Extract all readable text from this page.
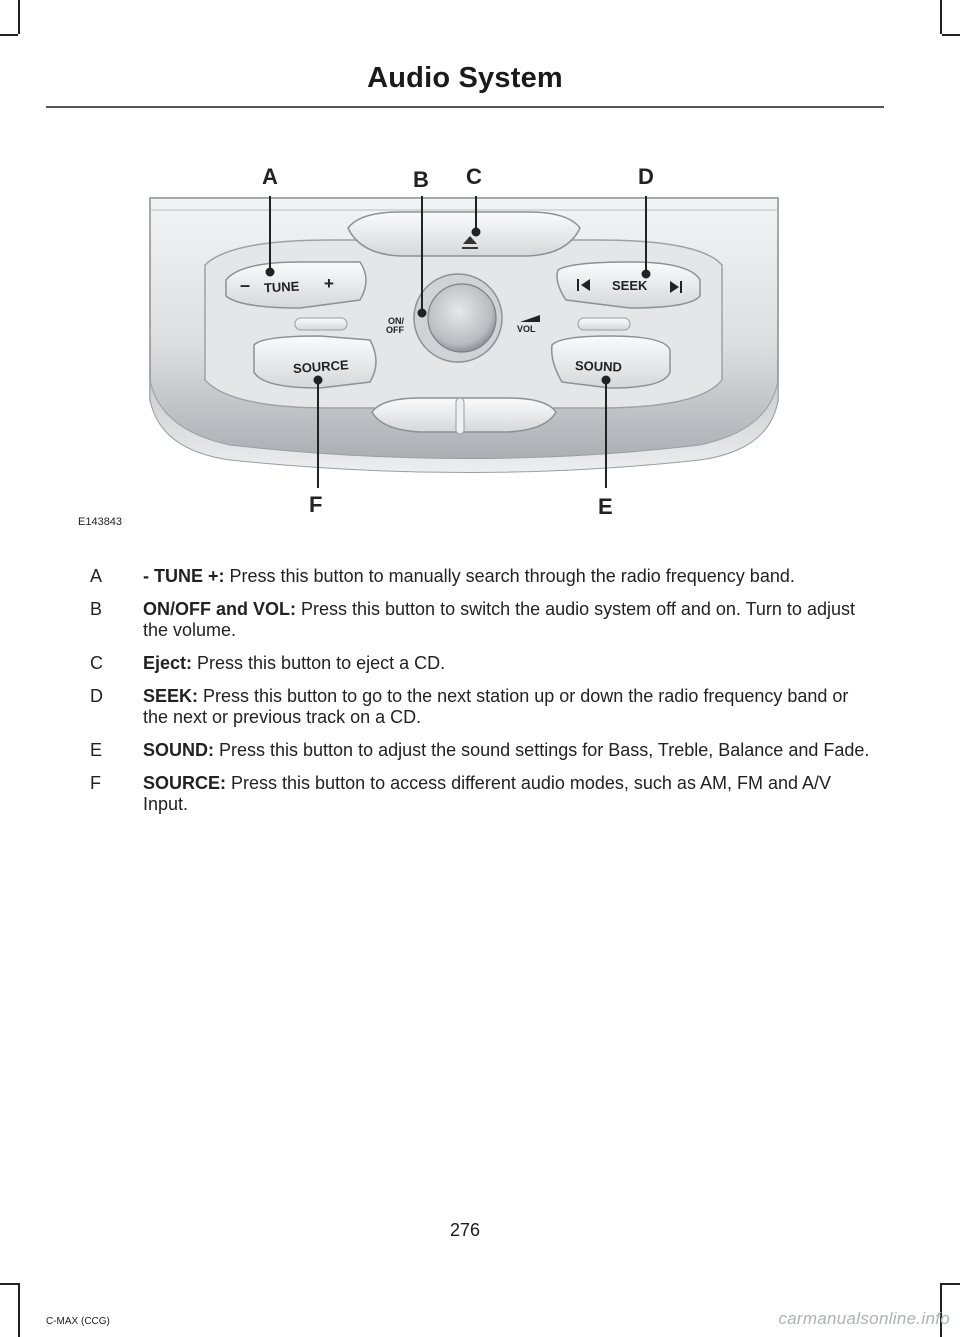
Audio System
– TUNE +
SOURCE
SEEK
SOUND
ON/ OFF	VOL
A	B C	D
E
F
E143843
A - TUNE +: Press this button to manually search through the radio frequency band.
B ON/OFF and VOL: Press this button to switch the audio system off and on. Turn to adjust the volume.
C Eject: Press this button to eject a CD.
D SEEK: Press this button to go to the next station up or down the radio frequency band or the next or previous track on a CD.
E SOUND: Press this button to adjust the sound settings for Bass, Treble, Balance and Fade.
F SOURCE: Press this button to access different audio modes, such as AM, FM and A/V Input.
276
C-MAX (CCG)	carmanualsonline.info
